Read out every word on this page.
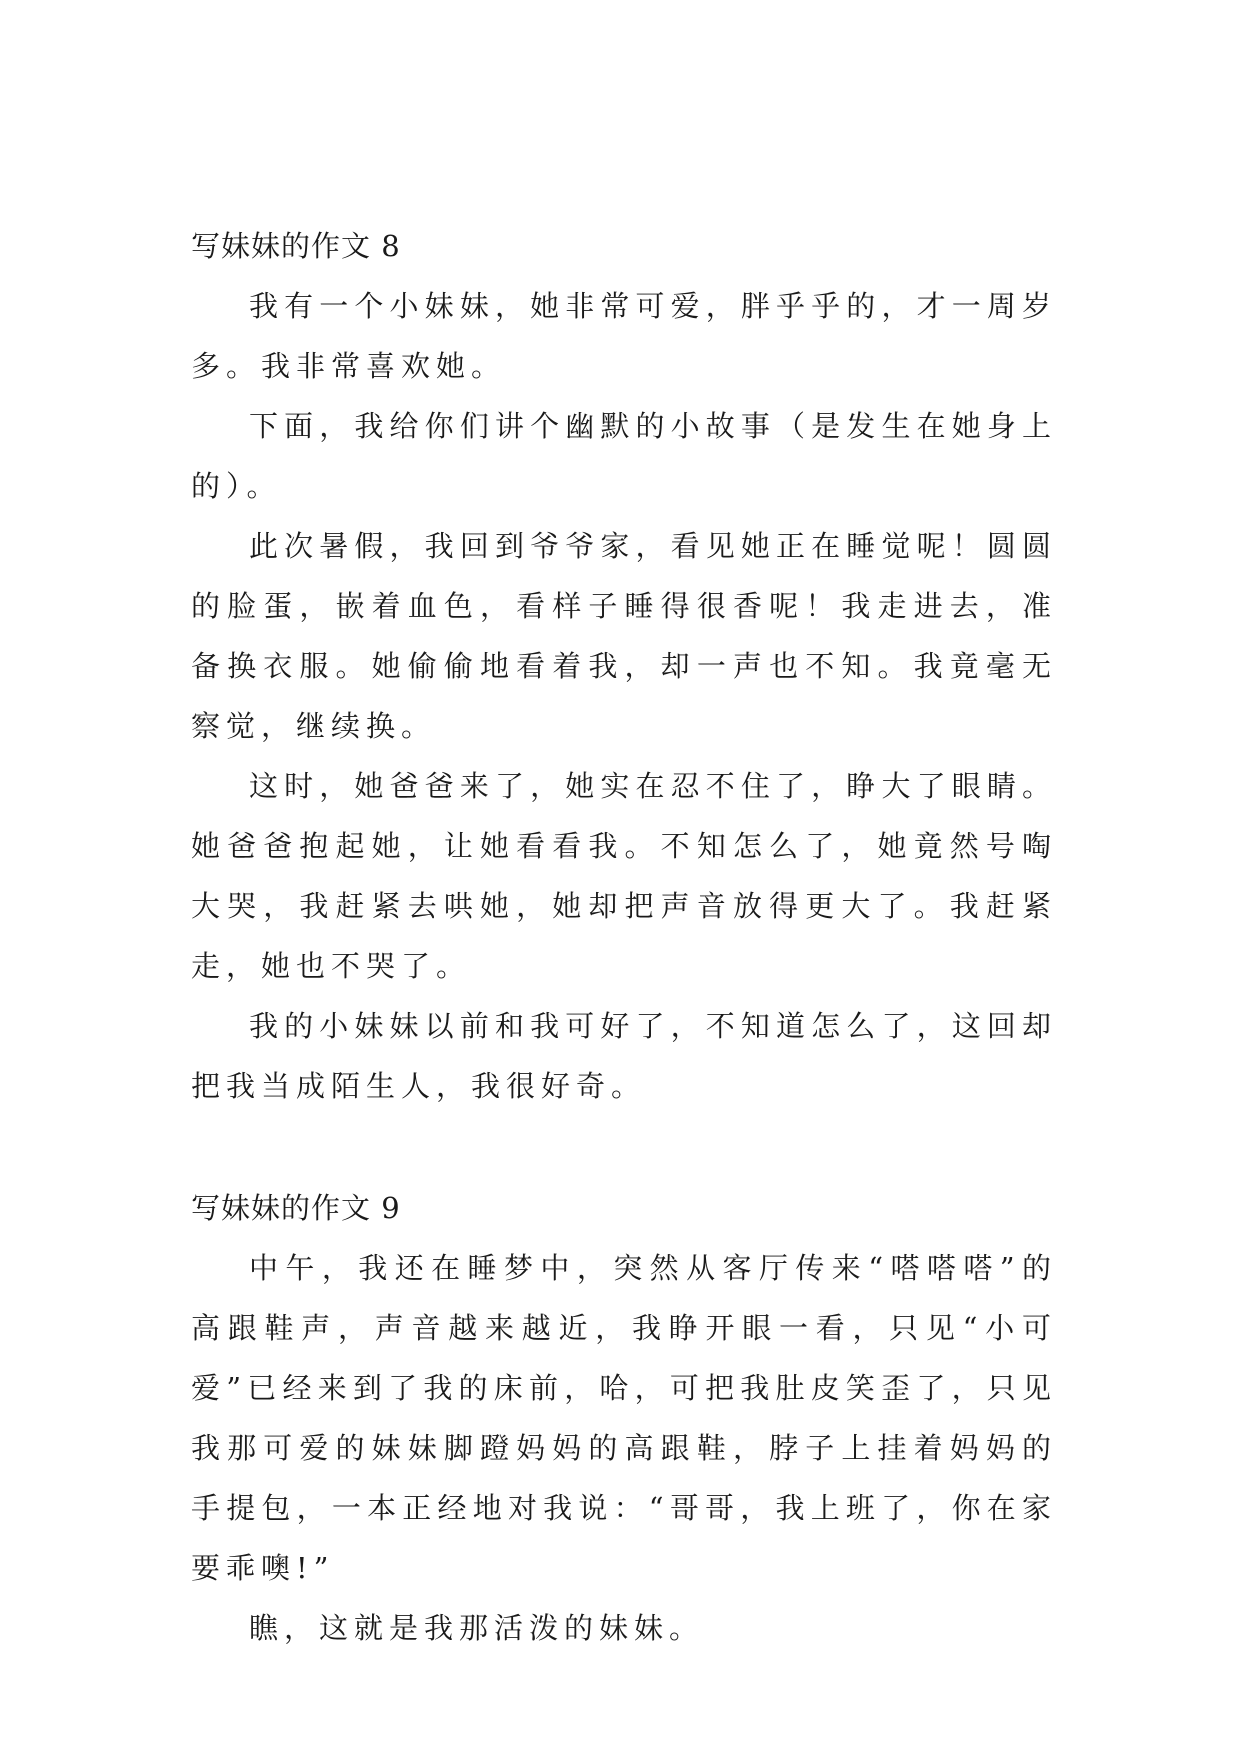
写妹妹的作文 8

我有一个小妹妹，她非常可爱，胖乎乎的，才一周岁多。我非常喜欢她。

下面，我给你们讲个幽默的小故事（是发生在她身上的）。

此次暑假，我回到爷爷家，看见她正在睡觉呢！圆圆的脸蛋，嵌着血色，看样子睡得很香呢！我走进去，准备换衣服。她偷偷地看着我，却一声也不知。我竟毫无察觉，继续换。

这时，她爸爸来了，她实在忍不住了，睁大了眼睛。她爸爸抱起她，让她看看我。不知怎么了，她竟然号啕大哭，我赶紧去哄她，她却把声音放得更大了。我赶紧走，她也不哭了。

我的小妹妹以前和我可好了，不知道怎么了，这回却把我当成陌生人，我很好奇。

写妹妹的作文 9

中午，我还在睡梦中，突然从客厅传来“嗒嗒嗒”的高跟鞋声，声音越来越近，我睁开眼一看，只见“小可爱”已经来到了我的床前，哈，可把我肚皮笑歪了，只见我那可爱的妹妹脚蹬妈妈的高跟鞋，脖子上挂着妈妈的手提包，一本正经地对我说：“哥哥，我上班了，你在家要乖噢!”

瞧，这就是我那活泼的妹妹。
